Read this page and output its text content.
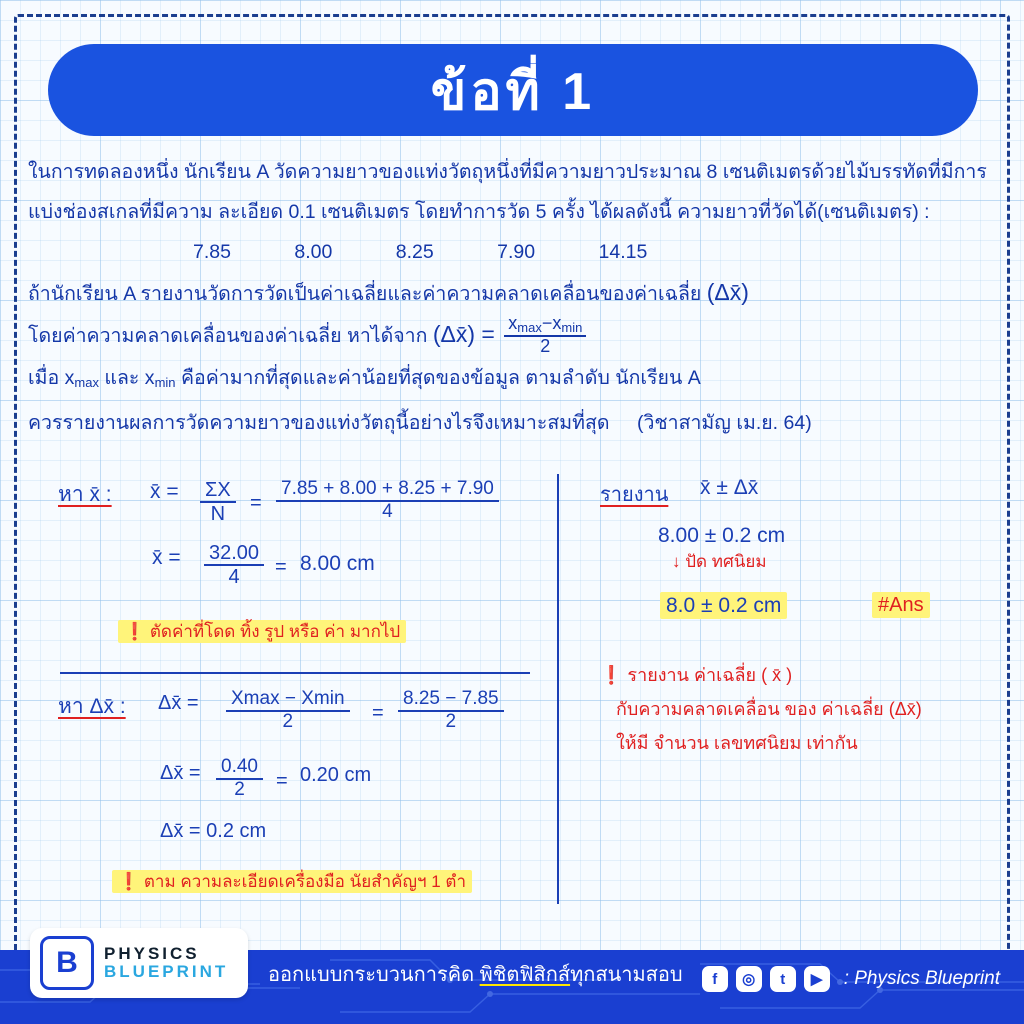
ข้อที่ 1
ในการทดลองหนึ่ง นักเรียน A วัดความยาวของแท่งวัตถุหนึ่งที่มีความยาวประมาณ 8 เซนติเมตรด้วยไม้บรรทัดที่มีการ
แบ่งช่องสเกลที่มีความ ละเอียด 0.1 เซนติเมตร โดยทำการวัด 5 ครั้ง ได้ผลดังนี้ ความยาวที่วัดได้(เซนติเมตร) :
7.85	8.00	8.25	7.90	14.15
ถ้านักเรียน A รายงานวัดการวัดเป็นค่าเฉลี่ยและค่าความคลาดเคลื่อนของค่าเฉลี่ย (Δx̄)
โดยค่าความคลาดเคลื่อนของค่าเฉลี่ย หาได้จาก (Δx̄) = $\frac{x_{max}-x_{min}}{2}$
เมื่อ $x_{max}$ และ $x_{min}$ คือค่ามากที่สุดและค่าน้อยที่สุดของข้อมูล ตามลำดับ นักเรียน A
ควรรายงานผลการวัดความยาวของแท่งวัตถุนี้อย่างไรจึงเหมาะสมที่สุด (วิชาสามัญ เม.ย. 64)
หา x̄ : x̄ = $\frac{\Sigma X}{N} = \frac{7.85 + 8.00 + 8.25 + 7.90}{4}$
x̄ = $\frac{32.00}{4} = 8.00$ cm
❗ ตัดค่าที่โดด ทิ้ง รูป หรือ ค่า มากไป
หา Δx̄ : Δx̄ = Xmax − Xmin
2	= $\frac{8.25 - 7.85}{2}$
Δx̄ = $\frac{0.40}{2} = 0.20$ cm
Δx̄ = 0.2 cm
❗ ตาม ความละเอียดเครื่องมือ นัยสำคัญฯ 1 ตำ
รายงาน x̄ ± Δx̄
8.00 ± 0.2 cm
↓ ปัด ทศนิยม
8.0 ± 0.2 cm	#Ans
❗ รายงาน ค่าเฉลี่ย ( x̄ )
กับความคลาดเคลื่อน ของ ค่าเฉลี่ย (Δx̄)
ให้มี จำนวน เลขทศนิยม เท่ากัน
B	PHYSICS
BLUEPRINT ออกแบบกระบวนการคิด พิชิตฟิสิกส์ทุกสนามสอบ	f	◎	t	▶	: Physics Blueprint
